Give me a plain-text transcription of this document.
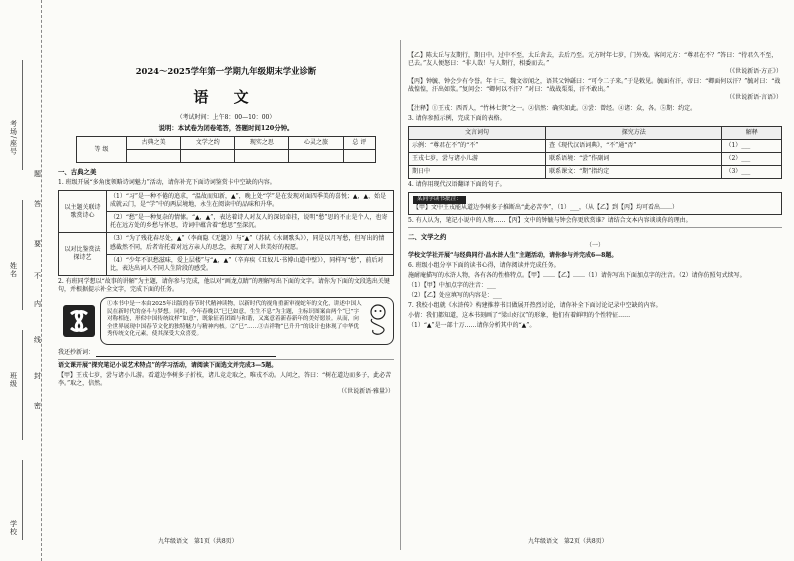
考场/座号
姓名
班级
学校
题
答
要
不
内
线
封
密
2024～2025学年第一学期九年级期末学业诊断
语 文
（考试时间：上午8：00—10：00）
说明：本试卷为闭卷笔答，答题时间120分钟。
等 级	古典之美	文学之约	现实之思	心灵之旅	总 评

一、古典之美

1. 班级开展“多角度领略诗词魅力”活动，请你补充下面诗词鉴赏卡中空缺的内容。

以主题关联诗歌赏诗心	（1）“习”是一种不倦的追求，“温故而知新，▲”，晚上处“学”是在发现对面四季美的喜悦；▲，▲，始是成就云门，是“学”中的两层境地，永生在阅读中的品味和升华。
	（2）“愁”是一种复杂的情愫。“▲，▲”，表达着诗人对友人的深切牵挂，说明“愁”思的不止是个人，也寄托在远方处的乡愁与怀思，诗词中蕴含着“愁思”至深沉。
以对比鉴赏法探诗艺	（3）“为了残花春尽处，▲”（李商隐《无题》）与“▲”（苏轼《水调歌头》），同是以月写愁，但写出的情感截然不同，后者寄托着对远方亲人的思念，表现了对人世美好的祝愿。
	（4）“少年不识愁滋味，爱上层楼”与“▲，▲”（辛弃疾《丑奴儿·书博山道中壁》），同样写“愁”，前后对比，表达出词人不同人生阶段的感受。

2. 有班同学想以“故事的讲解”为主题，请你参与完成，他以对“画龙点睛”的理解写出下面的文字。请你为下面的文段选出关键句，并根据提示补全文字，完成下面的任务。

①本书中是一本由2025年出版的春节时代精神读物，以新时代的视角重新审视蛇年的文化，讲述中国人民在新时代的奋斗与梦想。同时，今年春晚以“巳巳如意，生生不息”为主题，主标识图案由两个“巳”字对称相连，形似中国传统纹样“如意”，既象征着团圆与和谐，又寓意着新春新年的美好愿景。从而，向全世界展现中国春节文化的独特魅力与精神内核。②“巳”……③吉祥物“巳升升”的设计也体现了中华优秀传统文化元素，使其深受大众喜爱。

我还抄新词：

语文课开展“探究笔记小说艺术特点”的学习活动，请阅读下面选文并完成3—5题。

【甲】王戎七岁，尝与诸小儿游。看道边李树多子折枝，诸儿竞走取之，唯戎不动。人问之，答曰：“树在道边而多子，此必苦李。”取之，信然。

（《世说新语·雅量》）
九年级语文　第1页（共8页）

【乙】陈太丘与友期行，期日中。过中不至，太丘舍去，去后乃至。元方时年七岁，门外戏。客问元方：“尊君在不？”答曰：“待君久不至，已去。”友人便怒曰：“非人哉！与人期行，相委而去。”

（《世说新语·方正》）

【丙】钟毓、钟会少有令誉。年十三，魏文帝闻之，语其父钟繇曰：“可令二子来。”于是敕见。毓面有汗，帝曰：“卿面何以汗？”毓对曰：“战战惶惶，汗出如浆。”复问会：“卿何以不汗？”对曰：“战战栗栗，汗不敢出。”

（《世说新语·言语》）

【注释】①王戎：西晋人，“竹林七贤”之一。②信然：确实如此。③尝：曾经。④诸：众，各。⑤期：约定。

3. 请你参照示例，完成下面的表格。

文言词句	探究方法	解释
示例：“尊君在不”的“不”	查《现代汉语词典》，“不”通“否”	（1）___
王戎七岁，尝与诸小儿游	联系语境：“尝”作副词	（2）___
期日中	联系课文：“期”指约定	（3）___

4. 请你用现代汉语翻译下面的句子。

某同学读书批注：
【甲】文中王戎能从道边李树多子推断出“此必苦李”，（1）___，（从【乙】到【丙】均可看出……）

5. 有人认为，笔记小说中的人物……【丙】文中的钟毓与钟会你更欣赏谁？请结合文本内容谈谈你的理由。

二、文学之约
（一）

学校文学社开展“与经典同行·品水浒人生”主题活动，请你参与并完成6—8题。

6. 班级小组分享下面的读书心得，请你阅读并完成任务。

施耐庵描写的水浒人物，各有各的性格特点。【甲】……【乙】……（1）请你写出下面加点字的注音。（2）请你仿照句式续写。

（1）【甲】中加点字的注音：___

（2）【乙】处应填写的内容是：___

7. 我校小组就《水浒传》构建推荐书目做展开热烈讨论，请你补全下面讨论记录中空缺的内容。

小倩：我们都知道，这本书刻画了“梁山好汉”的形象，他们有着鲜明的个性特征……

（1）“▲”是一部十万……请你分析其中的“▲”。

九年级语文　第2页（共8页）
